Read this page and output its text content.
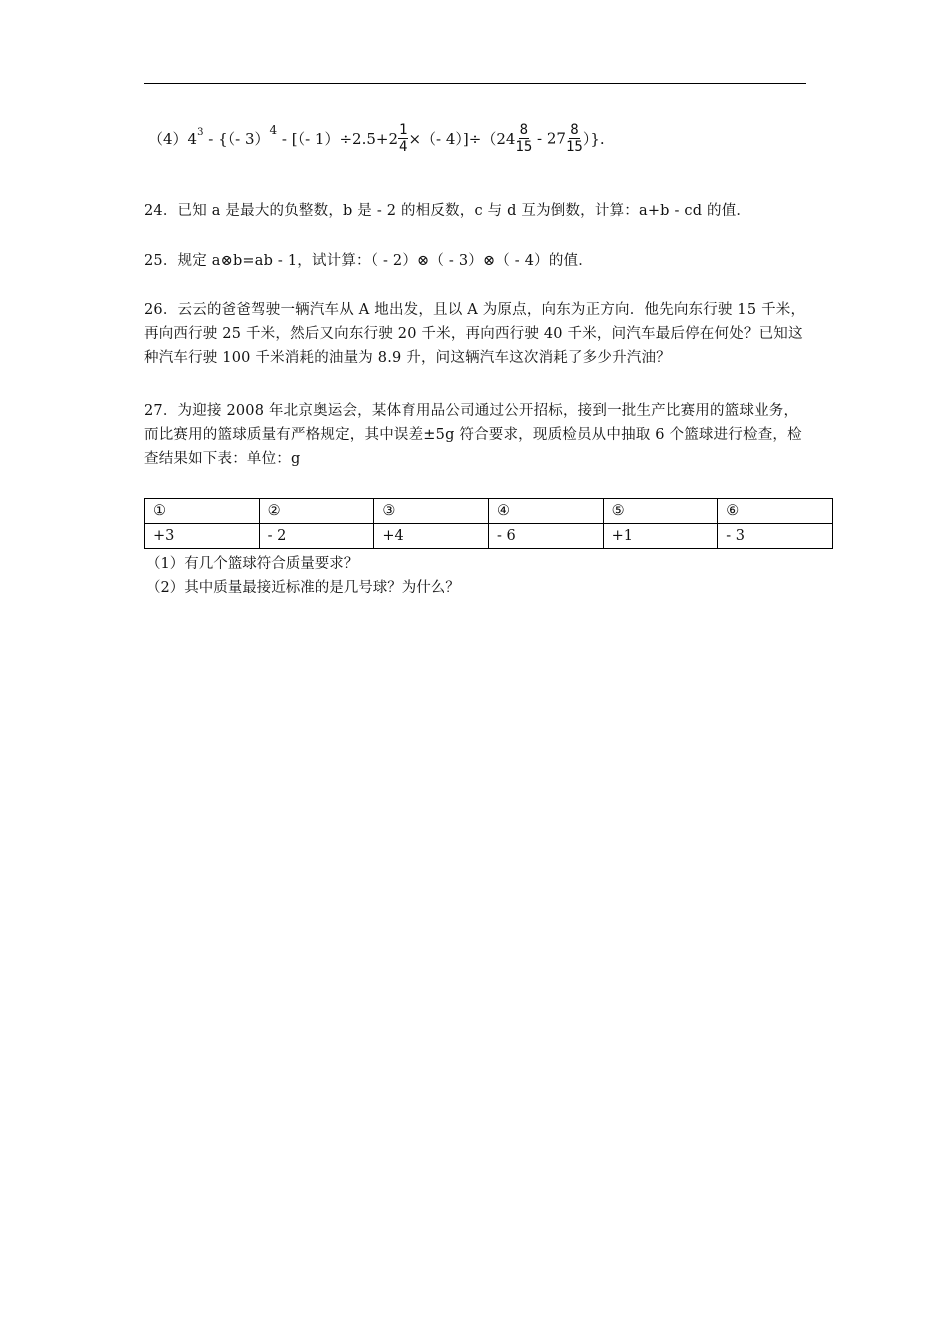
$(4)4^3$ - {（- 3）$^4$ - [（- $1)\div 2.5+2 \frac{1}{4}$ ×（- $4)]\div(24 \frac{8}{15} - 27 \frac{8}{15}$ ）}.
24．已知 a 是最大的负整数，b 是 - 2 的相反数，c 与 d 互为倒数，计算：a+b - cd 的值．
25．规定 a⊗b=ab - 1，试计算：（ - 2）⊗（ - 3）⊗（ - 4）的值．
26．云云的爸爸驾驶一辆汽车从 A 地出发，且以 A 为原点，向东为正方向．他先向东行驶 15 千米，再向西行驶 25 千米，然后又向东行驶 20 千米，再向西行驶 40 千米，问汽车最后停在何处？已知这种汽车行驶 100 千米消耗的油量为 8.9 升，问这辆汽车这次消耗了多少升汽油？
27．为迎接 2008 年北京奥运会，某体育用品公司通过公开招标，接到一批生产比赛用的篮球业务，而比赛用的篮球质量有严格规定，其中误差±5g 符合要求，现质检员从中抽取 6 个篮球进行检查，检查结果如下表：单位：g
①	②	③	④	⑤	⑥
+3	- 2	+4	- 6	+1	- 3
（1）有几个篮球符合质量要求？
（2）其中质量最接近标准的是几号球？为什么？
